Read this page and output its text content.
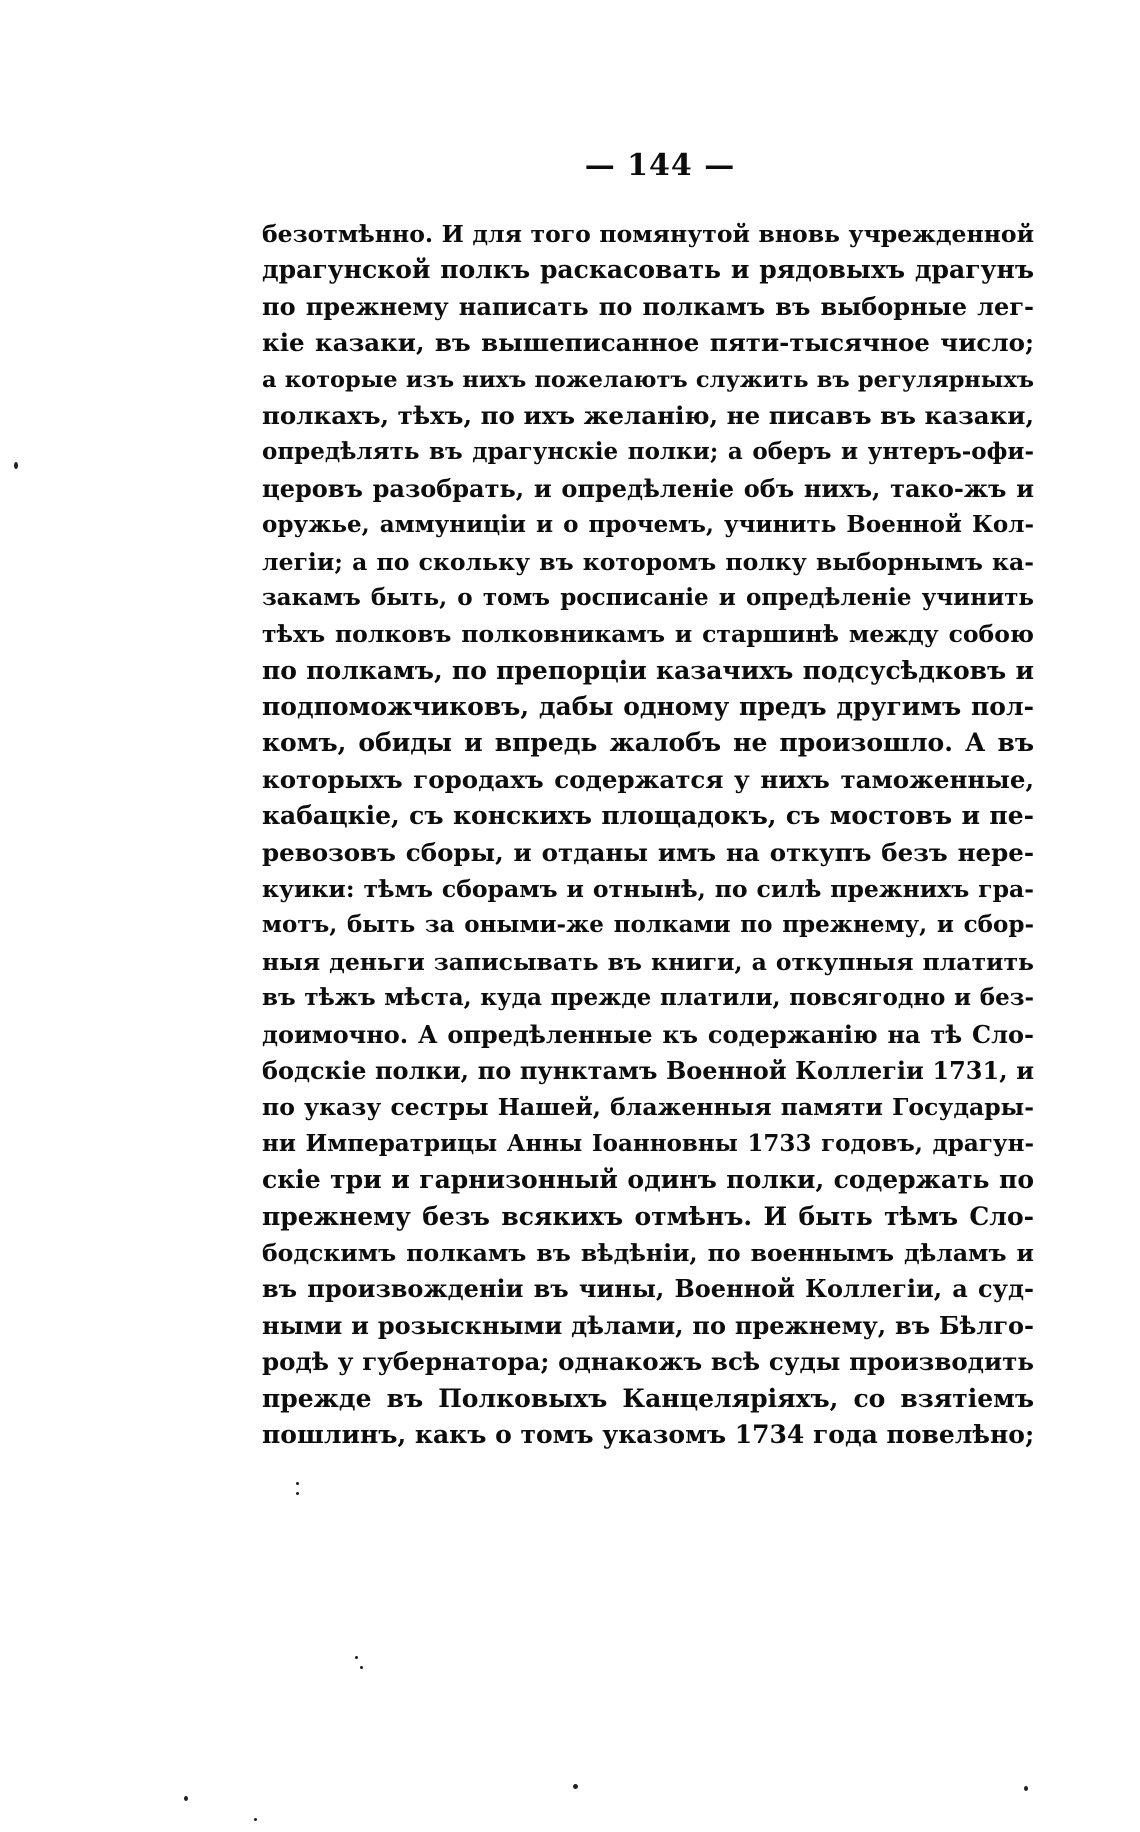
— 144 —
безотмѣнно. И для того помянутой вновь учрежденной
драгунской полкъ раскасовать и рядовыхъ драгунъ
по прежнему написать по полкамъ въ выборные лег-
кіе казаки, въ вышеписанное пяти-тысячное число;
а которые изъ нихъ пожелаютъ служить въ регулярныхъ
полкахъ, тѣхъ, по ихъ желанію, не писавъ въ казаки,
опредѣлять въ драгунскіе полки; а оберъ и унтеръ-офи-
церовъ разобрать, и опредѣленіе объ нихъ, тако-жъ и
оружье, аммуниціи и о прочемъ, учинить Военной Кол-
легіи; а по скольку въ которомъ полку выборнымъ ка-
закамъ быть, о томъ росписаніе и опредѣленіе учинить
тѣхъ полковъ полковникамъ и старшинѣ между собою
по полкамъ, по препорціи казачихъ подсусѣдковъ и
подпоможчиковъ, дабы одному предъ другимъ пол-
комъ, обиды и впредь жалобъ не произошло. А въ
которыхъ городахъ содержатся у нихъ таможенные,
кабацкіе, съ конскихъ площадокъ, съ мостовъ и пе-
ревозовъ сборы, и отданы имъ на откупъ безъ нере-
куики: тѣмъ сборамъ и отнынѣ, по силѣ прежнихъ гра-
мотъ, быть за оными-же полками по прежнему, и сбор-
ныя деньги записывать въ книги, а откупныя платить
въ тѣжъ мѣста, куда прежде платили, повсягодно и без-
доимочно. А опредѣленные къ содержанію на тѣ Сло-
бодскіе полки, по пунктамъ Военной Коллегіи 1731, и
по указу сестры Нашей, блаженныя памяти Государы-
ни Императрицы Анны Іоанновны 1733 годовъ, драгун-
скіе три и гарнизонный одинъ полки, содержать по
прежнему безъ всякихъ отмѣнъ. И быть тѣмъ Сло-
бодскимъ полкамъ въ вѣдѣніи, по военнымъ дѣламъ и
въ произвожденіи въ чины, Военной Коллегіи, а суд-
ными и розыскными дѣлами, по прежнему, въ Бѣлго-
родѣ у губернатора; однакожъ всѣ суды производить
прежде въ Полковыхъ Канцеляріяхъ, со взятіемъ
пошлинъ, какъ о томъ указомъ 1734 года повелѣно;
